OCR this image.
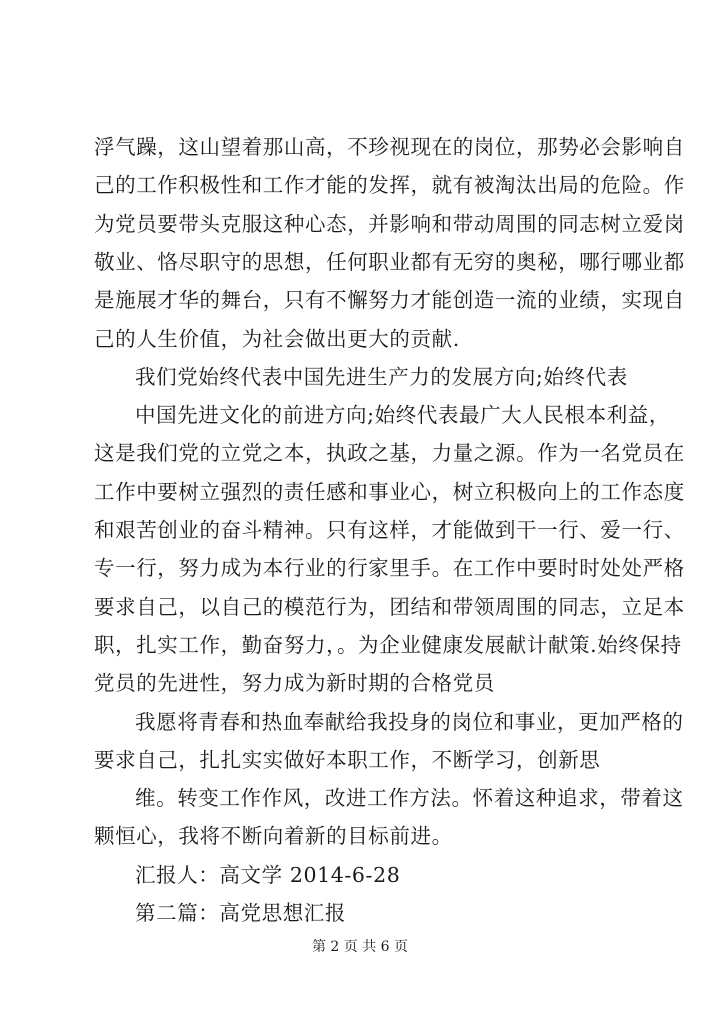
浮气躁，这山望着那山高，不珍视现在的岗位，那势必会影响自
己的工作积极性和工作才能的发挥，就有被淘汰出局的危险。作
为党员要带头克服这种心态，并影响和带动周围的同志树立爱岗
敬业、恪尽职守的思想，任何职业都有无穷的奥秘，哪行哪业都
是施展才华的舞台，只有不懈努力才能创造一流的业绩，实现自
己的人生价值，为社会做出更大的贡献.
我们党始终代表中国先进生产力的发展方向;始终代表
中国先进文化的前进方向;始终代表最广大人民根本利益，
这是我们党的立党之本，执政之基，力量之源。作为一名党员在
工作中要树立强烈的责任感和事业心，树立积极向上的工作态度
和艰苦创业的奋斗精神。只有这样，才能做到干一行、爱一行、
专一行，努力成为本行业的行家里手。在工作中要时时处处严格
要求自己，以自己的模范行为，团结和带领周围的同志，立足本
职，扎实工作，勤奋努力，。为企业健康发展献计献策.始终保持
党员的先进性，努力成为新时期的合格党员
我愿将青春和热血奉献给我投身的岗位和事业，更加严格的
要求自己，扎扎实实做好本职工作，不断学习，创新思
维。转变工作作风，改进工作方法。怀着这种追求，带着这
颗恒心，我将不断向着新的目标前进。
汇报人：高文学 2014-6-28
第二篇：高党思想汇报
第 2 页 共 6 页
